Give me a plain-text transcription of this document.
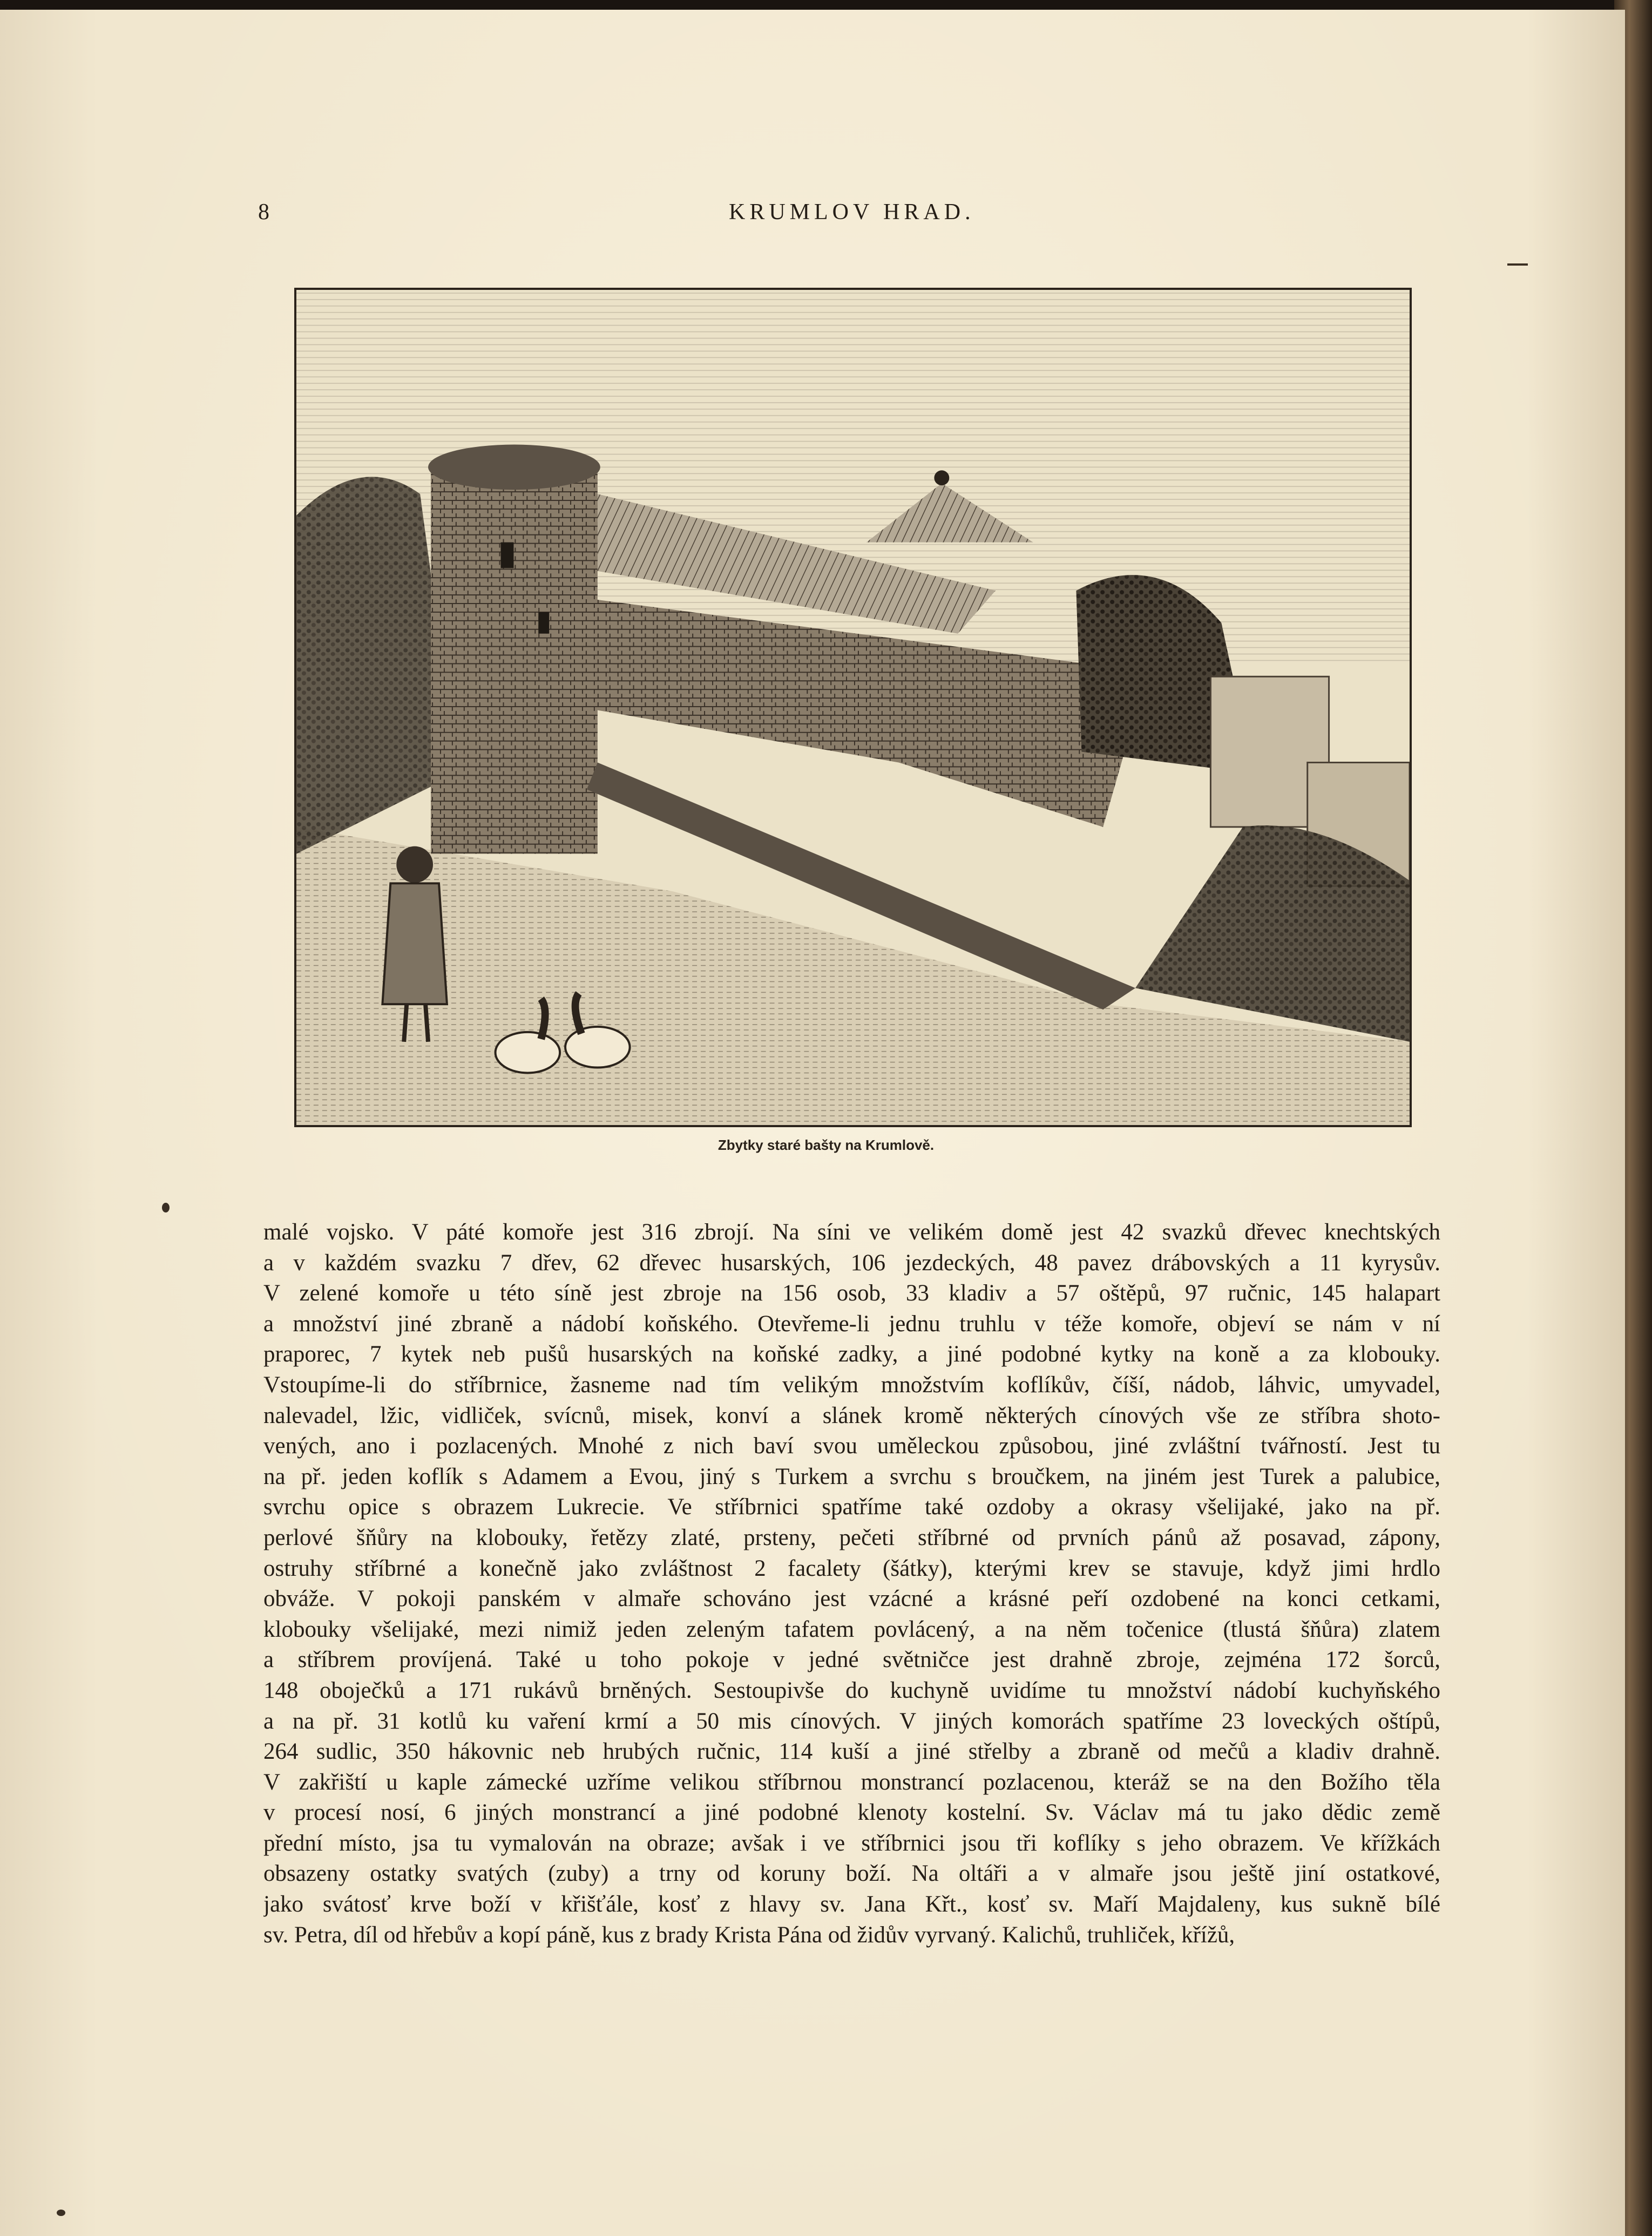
8	KRUMLOV HRAD.
Zbytky staré bašty na Krumlově.
malé vojsko. V páté komoře jest 316 zbrojí. Na síni ve velikém domě jest 42 svazků dřevec knechtských
a v každém svazku 7 dřev, 62 dřevec husarských, 106 jezdeckých, 48 pavez drábovských a 11 kyrysův.
V zelené komoře u této síně jest zbroje na 156 osob, 33 kladiv a 57 oštěpů, 97 ručnic, 145 halapart
a množství jiné zbraně a nádobí koňského. Otevřeme-li jednu truhlu v téže komoře, objeví se nám v ní
praporec, 7 kytek neb pušů husarských na koňské zadky, a jiné podobné kytky na koně a za klobouky.
Vstoupíme-li do stříbrnice, žasneme nad tím velikým množstvím koflíkův, číší, nádob, láhvic, umyvadel,
nalevadel, lžic, vidliček, svícnů, misek, konví a slánek kromě některých cínových vše ze stříbra shoto-
vených, ano i pozlacených. Mnohé z nich baví svou uměleckou způsobou, jiné zvláštní tvářností. Jest tu
na př. jeden koflík s Adamem a Evou, jiný s Turkem a svrchu s broučkem, na jiném jest Turek a palubice,
svrchu opice s obrazem Lukrecie. Ve stříbrnici spatříme také ozdoby a okrasy všelijaké, jako na př.
perlové šňůry na klobouky, řetězy zlaté, prsteny, pečeti stříbrné od prvních pánů až posavad, zápony,
ostruhy stříbrné a konečně jako zvláštnost 2 facalety (šátky), kterými krev se stavuje, když jimi hrdlo
obváže. V pokoji panském v almaře schováno jest vzácné a krásné peří ozdobené na konci cetkami,
klobouky všelijaké, mezi nimiž jeden zeleným tafatem povlácený, a na něm točenice (tlustá šňůra) zlatem
a stříbrem províjená. Také u toho pokoje v jedné světničce jest drahně zbroje, zejména 172 šorců,
148 oboječků a 171 rukávů brněných. Sestoupivše do kuchyně uvidíme tu množství nádobí kuchyňského
a na př. 31 kotlů ku vaření krmí a 50 mis cínových. V jiných komorách spatříme 23 loveckých oštípů,
264 sudlic, 350 hákovnic neb hrubých ručnic, 114 kuší a jiné střelby a zbraně od mečů a kladiv drahně.
V zakřiští u kaple zámecké uzříme velikou stříbrnou monstrancí pozlacenou, kteráž se na den Božího těla
v procesí nosí, 6 jiných monstrancí a jiné podobné klenoty kostelní. Sv. Václav má tu jako dědic země
přední místo, jsa tu vymalován na obraze; avšak i ve stříbrnici jsou tři koflíky s jeho obrazem. Ve křížkách
obsazeny ostatky svatých (zuby) a trny od koruny boží. Na oltáři a v almaře jsou ještě jiní ostatkové,
jako svátosť krve boží v křišťále, kosť z hlavy sv. Jana Křt., kosť sv. Maří Majdaleny, kus sukně bílé
sv. Petra, díl od hřebův a kopí páně, kus z brady Krista Pána od židův vyrvaný. Kalichů, truhliček, křížů,
